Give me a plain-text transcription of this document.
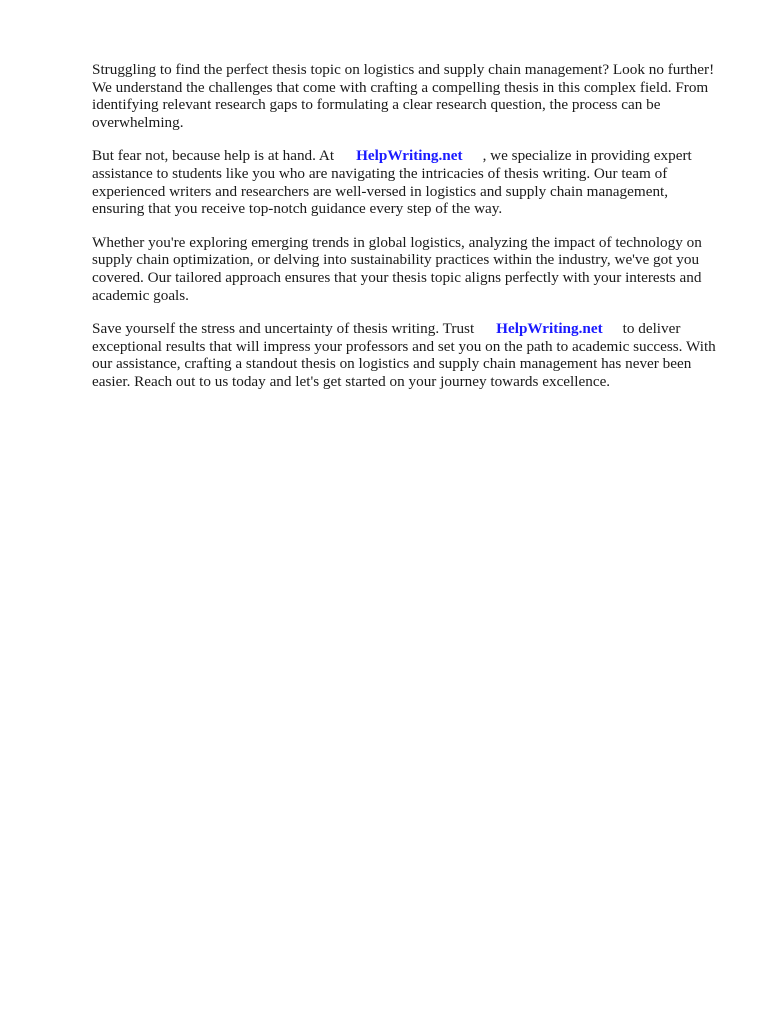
Struggling to find the perfect thesis topic on logistics and supply chain management? Look no further! We understand the challenges that come with crafting a compelling thesis in this complex field. From identifying relevant research gaps to formulating a clear research question, the process can be overwhelming.

But fear not, because help is at hand. At HelpWriting.net , we specialize in providing expert assistance to students like you who are navigating the intricacies of thesis writing. Our team of experienced writers and researchers are well-versed in logistics and supply chain management, ensuring that you receive top-notch guidance every step of the way.

Whether you're exploring emerging trends in global logistics, analyzing the impact of technology on supply chain optimization, or delving into sustainability practices within the industry, we've got you covered. Our tailored approach ensures that your thesis topic aligns perfectly with your interests and academic goals.

Save yourself the stress and uncertainty of thesis writing. Trust HelpWriting.net to deliver exceptional results that will impress your professors and set you on the path to academic success. With our assistance, crafting a standout thesis on logistics and supply chain management has never been easier. Reach out to us today and let's get started on your journey towards excellence.
